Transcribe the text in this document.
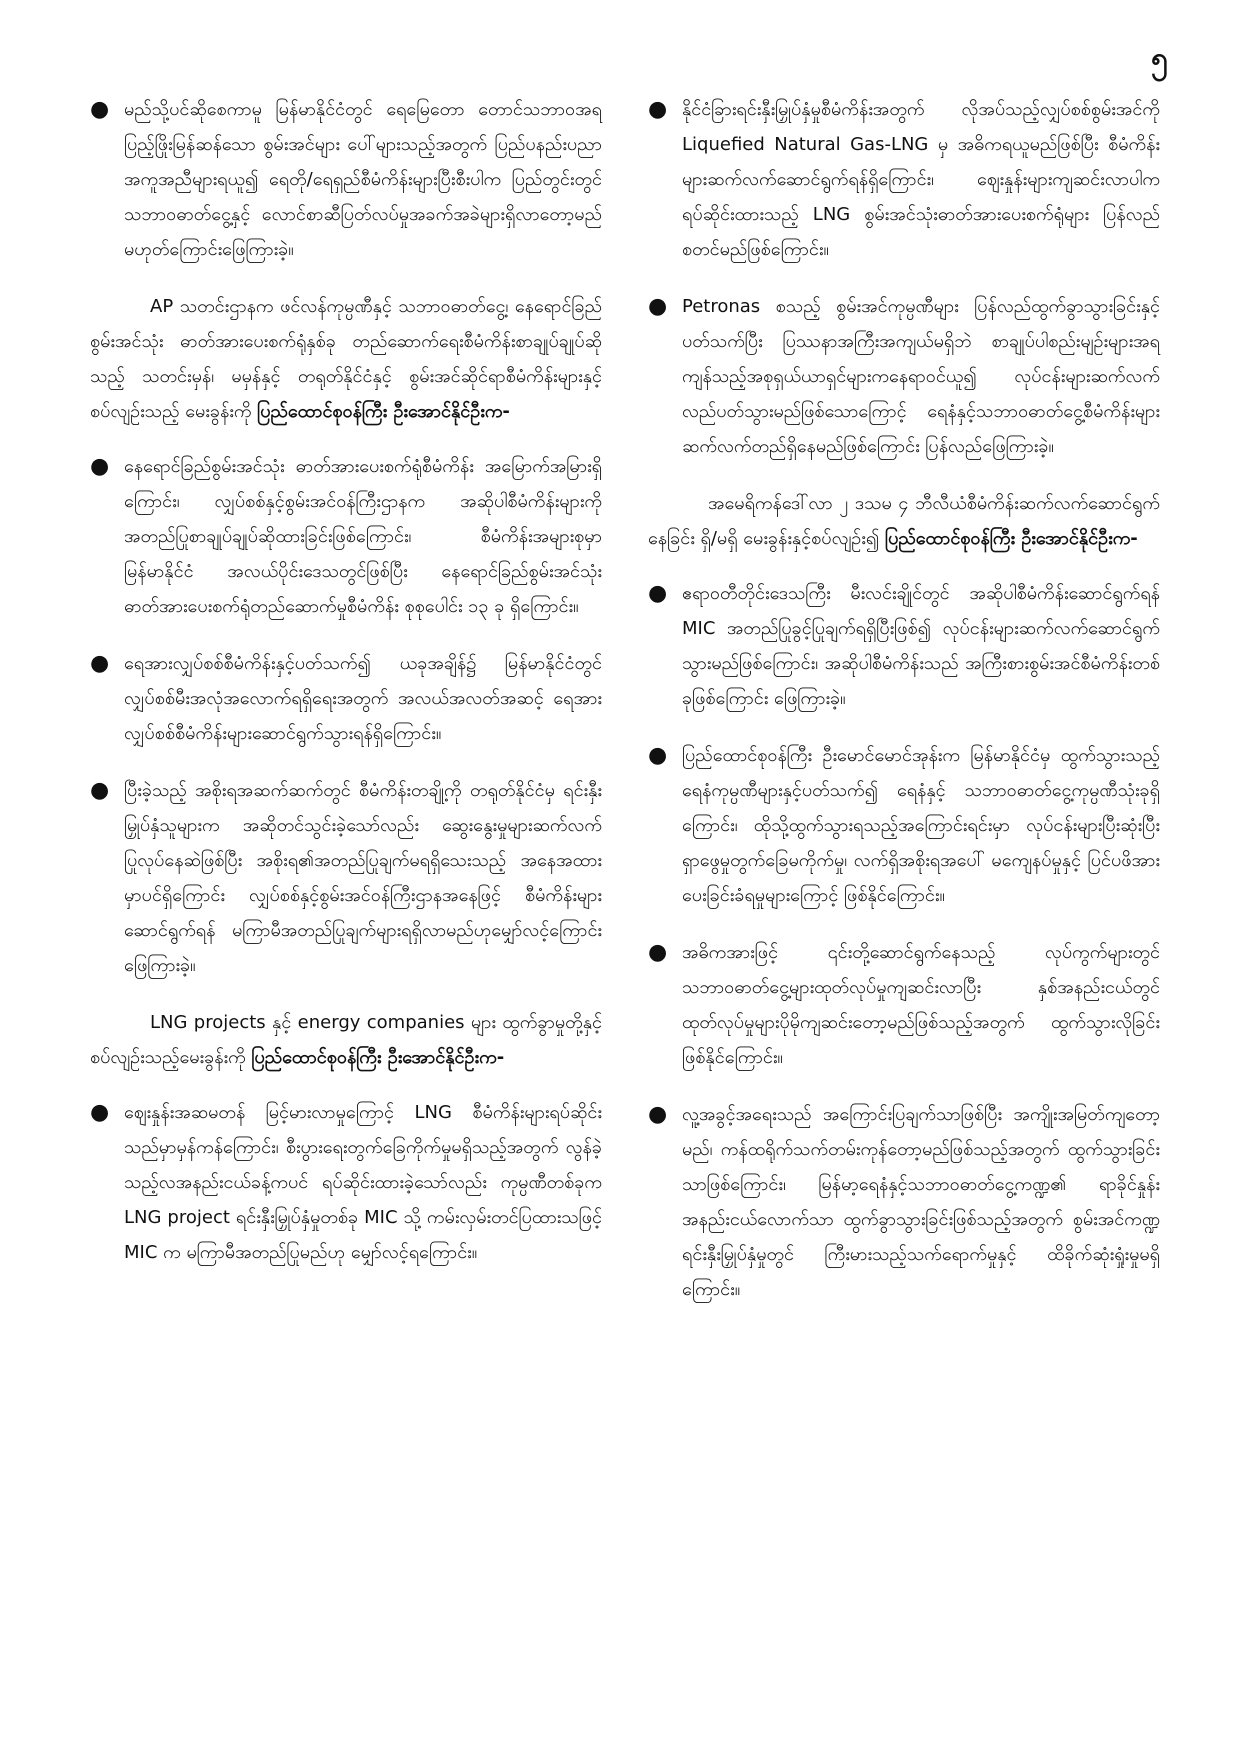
၅
● မည်သို့ပင်ဆိုစေကာမူ မြန်မာနိုင်ငံတွင် ရေမြေတော တောင်သဘာဝအရ ပြည့်ဖြိုးမြန်ဆန်သော စွမ်းအင်များ ပေါ်များသည့်အတွက် ပြည်ပနည်းပညာအကူအညီများရယူ၍ ရေတို/ရေရှည်စီမံကိန်းများပြီးစီးပါက ပြည်တွင်းတွင် သဘာဝဓာတ်ငွေ့နှင့် လောင်စာဆီပြတ်လပ်မှုအခက်အခဲများရှိလာတော့မည်မဟုတ်ကြောင်းဖြေကြားခဲ့။

AP သတင်းဌာနက ဖင်လန်ကုမ္ပဏီနှင့် သဘာဝဓာတ်ငွေ့၊ နေရောင်ခြည်စွမ်းအင်သုံး ဓာတ်အားပေးစက်ရုံနှစ်ခု တည်ဆောက်ရေးစီမံကိန်းစာချုပ်ချုပ်ဆိုသည့် သတင်းမှန်၊ မမှန်နှင့် တရုတ်နိုင်ငံနှင့် စွမ်းအင်ဆိုင်ရာစီမံကိန်းများနှင့်စပ်လျဉ်းသည့် မေးခွန်းကို ပြည်ထောင်စုဝန်ကြီး ဦးအောင်နိုင်ဦးက-

● နေရောင်ခြည်စွမ်းအင်သုံး ဓာတ်အားပေးစက်ရုံစီမံကိန်း အမြောက်အမြားရှိကြောင်း၊ လျှပ်စစ်နှင့်စွမ်းအင်ဝန်ကြီးဌာနက အဆိုပါစီမံကိန်းများကို အတည်ပြုစာချုပ်ချုပ်ဆိုထားခြင်းဖြစ်ကြောင်း၊ စီမံကိန်းအများစုမှာ မြန်မာနိုင်ငံ အလယ်ပိုင်းဒေသတွင်ဖြစ်ပြီး နေရောင်ခြည်စွမ်းအင်သုံး ဓာတ်အားပေးစက်ရုံတည်ဆောက်မှုစီမံကိန်း စုစုပေါင်း ၁၃ ခု ရှိကြောင်း။
● ရေအားလျှပ်စစ်စီမံကိန်းနှင့်ပတ်သက်၍ ယခုအချိန်၌ မြန်မာနိုင်ငံတွင် လျှပ်စစ်မီးအလုံအလောက်ရရှိရေးအတွက် အလယ်အလတ်အဆင့် ရေအားလျှပ်စစ်စီမံကိန်းများဆောင်ရွက်သွားရန်ရှိကြောင်း။
● ပြီးခဲ့သည့် အစိုးရအဆက်ဆက်တွင် စီမံကိန်းတချို့ကို တရုတ်နိုင်ငံမှ ရင်းနှီးမြှုပ်နှံသူများက အဆိုတင်သွင်းခဲ့သော်လည်း ဆွေးနွေးမှုများဆက်လက်ပြုလုပ်နေဆဲဖြစ်ပြီး အစိုးရ၏အတည်ပြုချက်မရရှိသေးသည့် အနေအထားမှာပင်ရှိကြောင်း လျှပ်စစ်နှင့်စွမ်းအင်ဝန်ကြီးဌာနအနေဖြင့် စီမံကိန်းများဆောင်ရွက်ရန် မကြာမီအတည်ပြုချက်များရရှိလာမည်ဟုမျှော်လင့်ကြောင်း ဖြေကြားခဲ့။

LNG projects နှင့် energy companies များ ထွက်ခွာမှုတို့နှင့်စပ်လျဉ်းသည့်မေးခွန်းကို ပြည်ထောင်စုဝန်ကြီး ဦးအောင်နိုင်ဦးက-

● ဈေးနှုန်းအဆမတန် မြင့်မားလာမှုကြောင့် LNG စီမံကိန်းများရပ်ဆိုင်းသည်မှာမှန်ကန်ကြောင်း၊ စီးပွားရေးတွက်ခြေကိုက်မှုမရှိသည့်အတွက် လွန်ခဲ့သည့်လအနည်းငယ်ခန့်ကပင် ရပ်ဆိုင်းထားခဲ့သော်လည်း ကုမ္ပဏီတစ်ခုက LNG project ရင်းနှီးမြှုပ်နှံမှုတစ်ခု MIC သို့ ကမ်းလှမ်းတင်ပြထားသဖြင့် MIC က မကြာမီအတည်ပြုမည်ဟု မျှော်လင့်ရကြောင်း။
● နိုင်ငံခြားရင်းနှီးမြှုပ်နှံမှုစီမံကိန်းအတွက် လိုအပ်သည့်လျှပ်စစ်စွမ်းအင်ကို Liquefied Natural Gas-LNG မှ အဓိကရယူမည်ဖြစ်ပြီး စီမံကိန်းများဆက်လက်ဆောင်ရွက်ရန်ရှိကြောင်း၊ ဈေးနှုန်းများကျဆင်းလာပါက ရပ်ဆိုင်းထားသည့် LNG စွမ်းအင်သုံးဓာတ်အားပေးစက်ရုံများ ပြန်လည်စတင်မည်ဖြစ်ကြောင်း။
● Petronas စသည့် စွမ်းအင်ကုမ္ပဏီများ ပြန်လည်ထွက်ခွာသွားခြင်းနှင့်ပတ်သက်ပြီး ပြဿနာအကြီးအကျယ်မရှိဘဲ စာချုပ်ပါစည်းမျဉ်းများအရ ကျန်သည့်အစုရှယ်ယာရှင်များကနေရာဝင်ယူ၍ လုပ်ငန်းများဆက်လက်လည်ပတ်သွားမည်ဖြစ်သောကြောင့် ရေနံနှင့်သဘာဝဓာတ်ငွေ့စီမံကိန်းများဆက်လက်တည်ရှိနေမည်ဖြစ်ကြောင်း ပြန်လည်ဖြေကြားခဲ့။

အမေရိကန်ဒေါ်လာ ၂ ဒသမ ၄ ဘီလီယံစီမံကိန်းဆက်လက်ဆောင်ရွက်နေခြင်း ရှိ/မရှိ မေးခွန်းနှင့်စပ်လျဉ်း၍ ပြည်ထောင်စုဝန်ကြီး ဦးအောင်နိုင်ဦးက-

● ဧရာဝတီတိုင်းဒေသကြီး မီးလင်းချိုင်တွင် အဆိုပါစီမံကိန်းဆောင်ရွက်ရန် MIC အတည်ပြုခွင့်ပြုချက်ရရှိပြီးဖြစ်၍ လုပ်ငန်းများဆက်လက်ဆောင်ရွက်သွားမည်ဖြစ်ကြောင်း၊ အဆိုပါစီမံကိန်းသည် အကြီးစားစွမ်းအင်စီမံကိန်းတစ်ခုဖြစ်ကြောင်း ဖြေကြားခဲ့။
● ပြည်ထောင်စုဝန်ကြီး ဦးမောင်မောင်အုန်းက မြန်မာနိုင်ငံမှ ထွက်သွားသည့် ရေနံကုမ္ပဏီများနှင့်ပတ်သက်၍ ရေနံနှင့် သဘာဝဓာတ်ငွေ့ကုမ္ပဏီသုံးခုရှိကြောင်း၊ ထိုသို့ထွက်သွားရသည့်အကြောင်းရင်းမှာ လုပ်ငန်းများပြီးဆုံးပြီး ရှာဖွေမှုတွက်ခြေမကိုက်မှု၊ လက်ရှိအစိုးရအပေါ် မကျေနပ်မှုနှင့် ပြင်ပဖိအားပေးခြင်းခံရမှုများကြောင့် ဖြစ်နိုင်ကြောင်း။
● အဓိကအားဖြင့် ၎င်းတို့ဆောင်ရွက်နေသည့် လုပ်ကွက်များတွင် သဘာဝဓာတ်ငွေ့များထုတ်လုပ်မှုကျဆင်းလာပြီး နှစ်အနည်းငယ်တွင် ထုတ်လုပ်မှုများပိုမိုကျဆင်းတော့မည်ဖြစ်သည့်အတွက် ထွက်သွားလိုခြင်းဖြစ်နိုင်ကြောင်း။
● လူ့အခွင့်အရေးသည် အကြောင်းပြချက်သာဖြစ်ပြီး အကျိုးအမြတ်ကျတော့မည်၊ ကန်ထရိုက်သက်တမ်းကုန်တော့မည်ဖြစ်သည့်အတွက် ထွက်သွားခြင်းသာဖြစ်ကြောင်း၊ မြန်မာ့ရေနံနှင့်သဘာဝဓာတ်ငွေ့ကဏ္ဍ၏ ရာခိုင်နှုန်းအနည်းငယ်လောက်သာ ထွက်ခွာသွားခြင်းဖြစ်သည့်အတွက် စွမ်းအင်ကဏ္ဍရင်းနှီးမြှုပ်နှံမှုတွင် ကြီးမားသည့်သက်ရောက်မှုနှင့် ထိခိုက်ဆုံးရှုံးမှုမရှိကြောင်း။
